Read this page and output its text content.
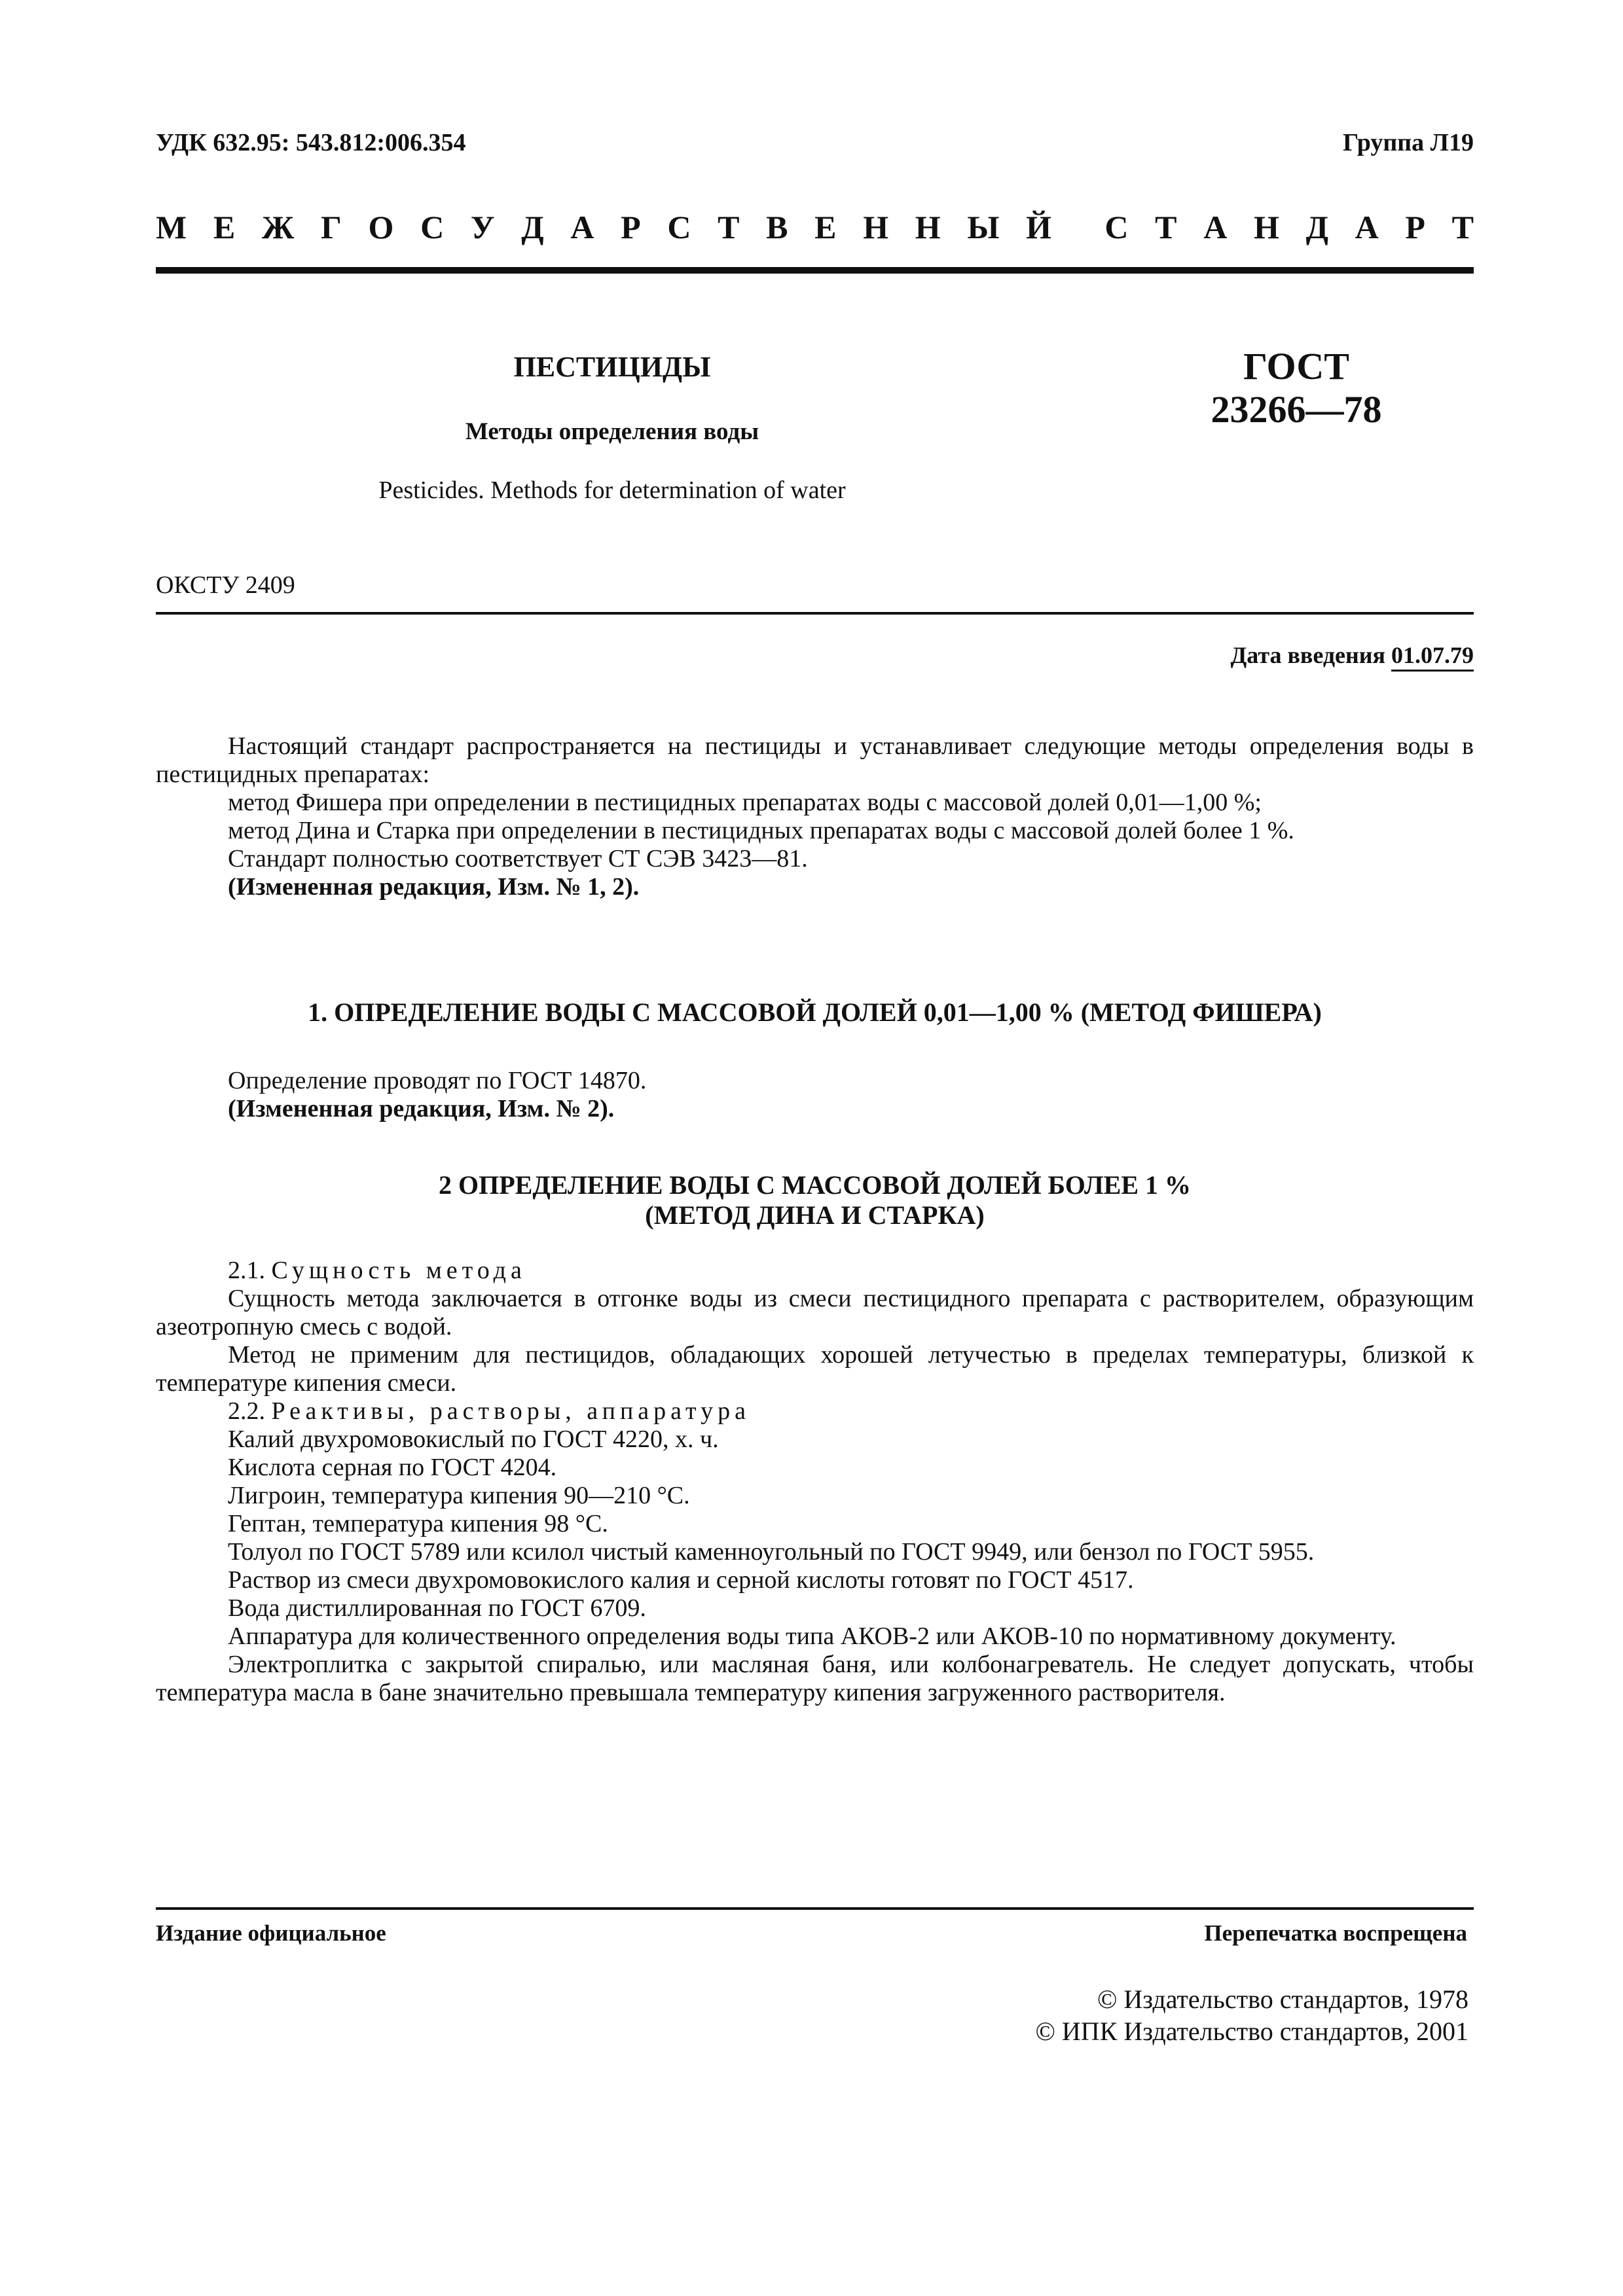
УДК 632.95: 543.812:006.354	Группа Л19
М Е Ж Г О С У Д А Р С Т В Е Н Н Ы Й С Т А Н Д А Р Т
ПЕСТИЦИДЫ
Методы определения воды
Pesticides. Methods for determination of water
ГОСТ
23266—78
ОКСТУ 2409
Дата введения 01.07.79

Настоящий стандарт распространяется на пестициды и устанавливает следующие методы определения воды в пестицидных препаратах:

метод Фишера при определении в пестицидных препаратах воды с массовой долей 0,01—1,00 %;

метод Дина и Старка при определении в пестицидных препаратах воды с массовой долей более 1 %.

Стандарт полностью соответствует СТ СЭВ 3423—81.

(Измененная редакция, Изм. № 1, 2).

1. ОПРЕДЕЛЕНИЕ ВОДЫ С МАССОВОЙ ДОЛЕЙ 0,01—1,00 % (МЕТОД ФИШЕРА)

Определение проводят по ГОСТ 14870.

(Измененная редакция, Изм. № 2).

2 ОПРЕДЕЛЕНИЕ ВОДЫ С МАССОВОЙ ДОЛЕЙ БОЛЕЕ 1 %
(МЕТОД ДИНА И СТАРКА)

2.1. Сущность метода

Сущность метода заключается в отгонке воды из смеси пестицидного препарата с растворителем, образующим азеотропную смесь с водой.

Метод не применим для пестицидов, обладающих хорошей летучестью в пределах температуры, близкой к температуре кипения смеси.

2.2. Реактивы, растворы, аппаратура

Калий двухромовокислый по ГОСТ 4220, х. ч.

Кислота серная по ГОСТ 4204.

Лигроин, температура кипения 90—210 °С.

Гептан, температура кипения 98 °С.

Толуол по ГОСТ 5789 или ксилол чистый каменноугольный по ГОСТ 9949, или бензол по ГОСТ 5955.

Раствор из смеси двухромовокислого калия и серной кислоты готовят по ГОСТ 4517.

Вода дистиллированная по ГОСТ 6709.

Аппаратура для количественного определения воды типа АКОВ-2 или АКОВ-10 по нормативному документу.

Электроплитка с закрытой спиралью, или масляная баня, или колбонагреватель. Не следует допускать, чтобы температура масла в бане значительно превышала температуру кипения загруженного растворителя.

Издание официальное	Перепечатка воспрещена
© Издательство стандартов, 1978
© ИПК Издательство стандартов, 2001
